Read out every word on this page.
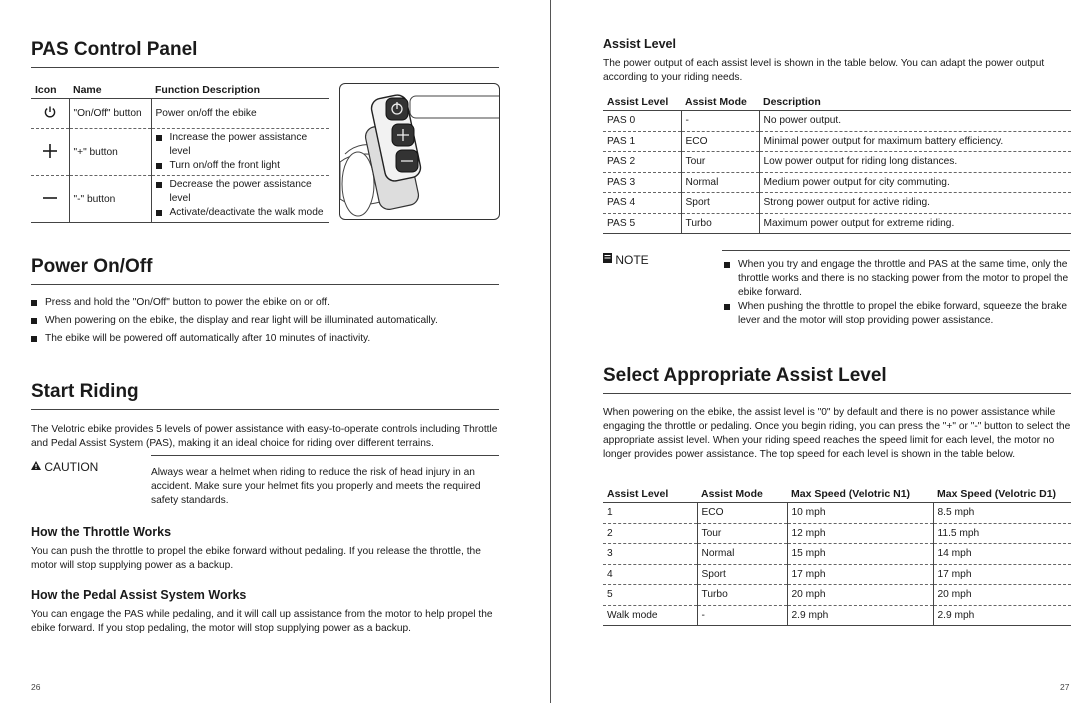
PAS Control Panel
Icon	Name	Function Description
	"On/Off" button	Power on/off the ebike
	"+" button	Increase the power assistance level
Turn on/off the front light

	"-" button	Decrease the power assistance level
Activate/deactivate the walk mode
Power On/Off
Press and hold the "On/Off" button to power the ebike on or off.
When powering on the ebike, the display and rear light will be illuminated automatically.
The ebike will be powered off automatically after 10 minutes of inactivity.
Start Riding
The Velotric ebike provides 5 levels of power assistance with easy-to-operate controls including Throttle and Pedal Assist System (PAS), making it an ideal choice for riding over different terrains.
CAUTION	Always wear a helmet when riding to reduce the risk of head injury in an accident. Make sure your helmet fits you properly and meets the required safety standards.
How the Throttle Works
You can push the throttle to propel the ebike forward without pedaling. If you release the throttle, the motor will stop supplying power as a backup.
How the Pedal Assist System Works
You can engage the PAS while pedaling, and it will call up assistance from the motor to help propel the ebike forward. If you stop pedaling, the motor will stop supplying power as a backup.
26
Assist Level
The power output of each assist level is shown in the table below. You can adapt the power output according to your riding needs.
Assist Level	Assist Mode	Description
PAS 0	-	No power output.
PAS 1	ECO	Minimal power output for maximum battery efficiency.
PAS 2	Tour	Low power output for riding long distances.
PAS 3	Normal	Medium power output for city commuting.
PAS 4	Sport	Strong power output for active riding.
PAS 5	Turbo	Maximum power output for extreme riding.
NOTE	When you try and engage the throttle and PAS at the same time, only the throttle works and there is no stacking power from the motor to propel the ebike forward.
When pushing the throttle to propel the ebike forward, squeeze the brake lever and the motor will stop providing power assistance.
Select Appropriate Assist Level
When powering on the ebike, the assist level is "0" by default and there is no power assistance while engaging the throttle or pedaling. Once you begin riding, you can press the "+" or "-" button to select the appropriate assist level. When your riding speed reaches the speed limit for each level, the motor no longer provides power assistance. The top speed for each level is shown in the table below.
Assist Level	Assist Mode	Max Speed (Velotric N1)	Max Speed (Velotric D1)
1	ECO	10 mph	8.5 mph
2	Tour	12 mph	11.5 mph
3	Normal	15 mph	14 mph
4	Sport	17 mph	17 mph
5	Turbo	20 mph	20 mph
Walk mode	-	2.9 mph	2.9 mph
27
